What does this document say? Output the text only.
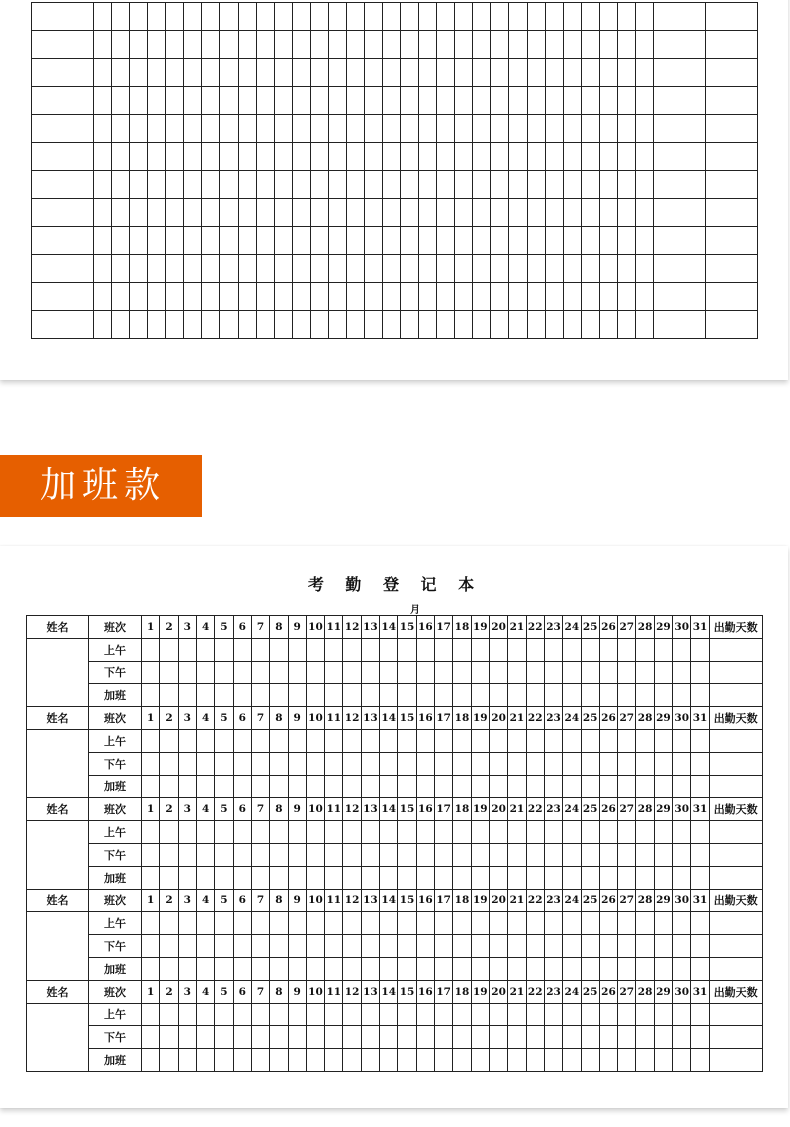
加班款
考 勤 登 记 本
月
姓名	班次	1	2	3	4	5	6	7	8	9	10	11	12	13	14	15	16	17	18	19	20	21	22	23	24	25	26	27	28	29	30	31	出勤天数
	上午																																
	下午																																
	加班																																
姓名	班次	1	2	3	4	5	6	7	8	9	10	11	12	13	14	15	16	17	18	19	20	21	22	23	24	25	26	27	28	29	30	31	出勤天数
	上午																																
	下午																																
	加班																																
姓名	班次	1	2	3	4	5	6	7	8	9	10	11	12	13	14	15	16	17	18	19	20	21	22	23	24	25	26	27	28	29	30	31	出勤天数
	上午																																
	下午																																
	加班																																
姓名	班次	1	2	3	4	5	6	7	8	9	10	11	12	13	14	15	16	17	18	19	20	21	22	23	24	25	26	27	28	29	30	31	出勤天数
	上午																																
	下午																																
	加班																																
姓名	班次	1	2	3	4	5	6	7	8	9	10	11	12	13	14	15	16	17	18	19	20	21	22	23	24	25	26	27	28	29	30	31	出勤天数
	上午																																
	下午																																
	加班																																
